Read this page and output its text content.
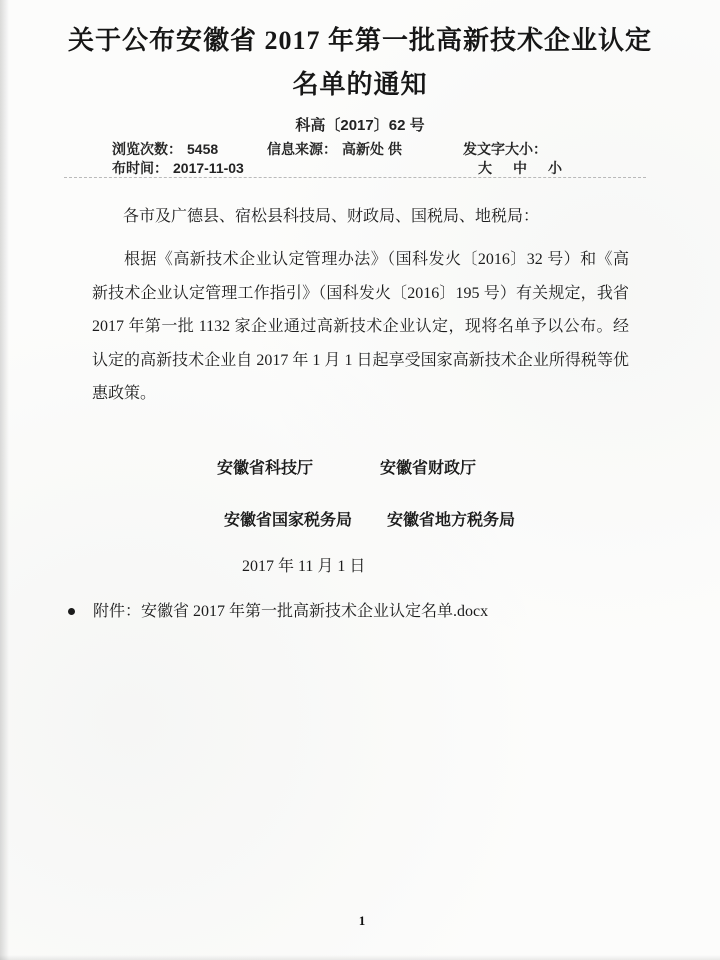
关于公布安徽省 2017 年第一批高新技术企业认定
名单的通知
科高〔2017〕62 号
浏览次数： 5458	信息来源： 高新处 供	发文字大小：
布时间： 2017-11-03	大 中 小
各市及广德县、宿松县科技局、财政局、国税局、地税局：
根据《高新技术企业认定管理办法》（国科发火〔2016〕32 号）和《高新技术企业认定管理工作指引》（国科发火〔2016〕195 号）有关规定，我省 2017 年第一批 1132 家企业通过高新技术企业认定，现将名单予以公布。经认定的高新技术企业自 2017 年 1 月 1 日起享受国家高新技术企业所得税等优惠政策。
安徽省科技厅	安徽省财政厅
安徽省国家税务局 安徽省地方税务局
2017 年 11 月 1 日
附件：安徽省 2017 年第一批高新技术企业认定名单.docx
1
